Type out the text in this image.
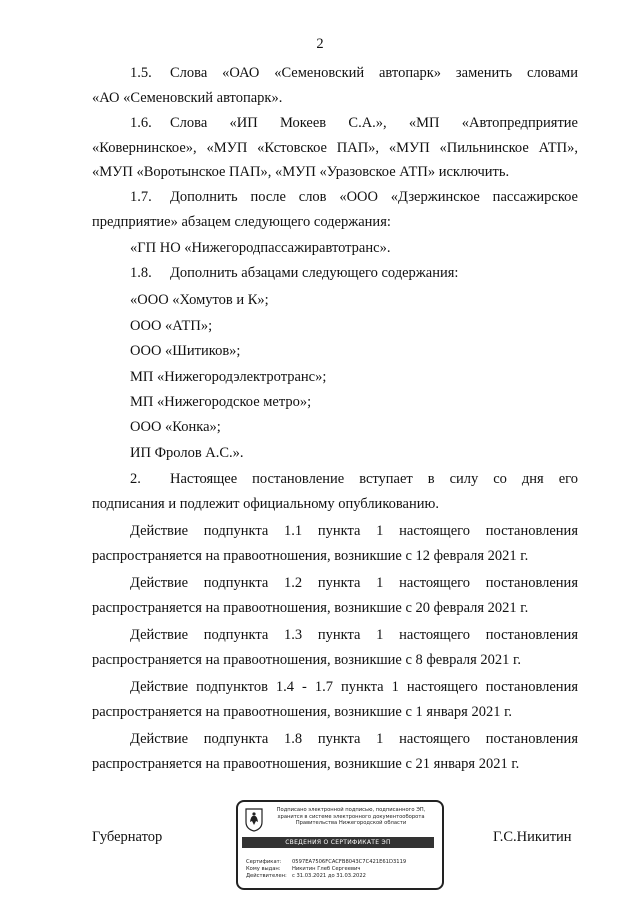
2
1.5. Слова «ОАО «Семеновский автопарк» заменить словами
«АО «Семеновский автопарк».
1.6. Слова «ИП Мокеев С.А.», «МП «Автопредприятие
«Ковернинское», «МУП «Кстовское ПАП», «МУП «Пильнинское АТП»,
«МУП «Воротынское ПАП», «МУП «Уразовское АТП» исключить.
1.7. Дополнить после слов «ООО «Дзержинское пассажирское
предприятие» абзацем следующего содержания:
«ГП НО «Нижегородпассажиравтотранс».
1.8. Дополнить абзацами следующего содержания:
«ООО «Хомутов и К»;
ООО «АТП»;
ООО «Шитиков»;
МП «Нижегородэлектротранс»;
МП «Нижегородское метро»;
ООО «Конка»;
ИП Фролов А.С.».
2. Настоящее постановление вступает в силу со дня его
подписания и подлежит официальному опубликованию.
Действие подпункта 1.1 пункта 1 настоящего постановления
распространяется на правоотношения, возникшие с 12 февраля 2021 г.
Действие подпункта 1.2 пункта 1 настоящего постановления
распространяется на правоотношения, возникшие с 20 февраля 2021 г.
Действие подпункта 1.3 пункта 1 настоящего постановления
распространяется на правоотношения, возникшие с 8 февраля 2021 г.
Действие подпунктов 1.4 - 1.7 пункта 1 настоящего постановления
распространяется на правоотношения, возникшие с 1 января 2021 г.
Действие подпункта 1.8 пункта 1 настоящего постановления
распространяется на правоотношения, возникшие с 21 января 2021 г.
Губернатор	Г.С.Никитин
Подписано электронной подписью, подписанного ЭП,
хранится в системе электронного документооборота
Правительства Нижегородской области
СВЕДЕНИЯ О СЕРТИФИКАТЕ ЭП
Сертификат: 0597EA7506FCACFB8043C7C421E61D3119
Кому выдан: Никитин Глеб Сергеевич
Действителен: с 31.03.2021 до 31.03.2022
